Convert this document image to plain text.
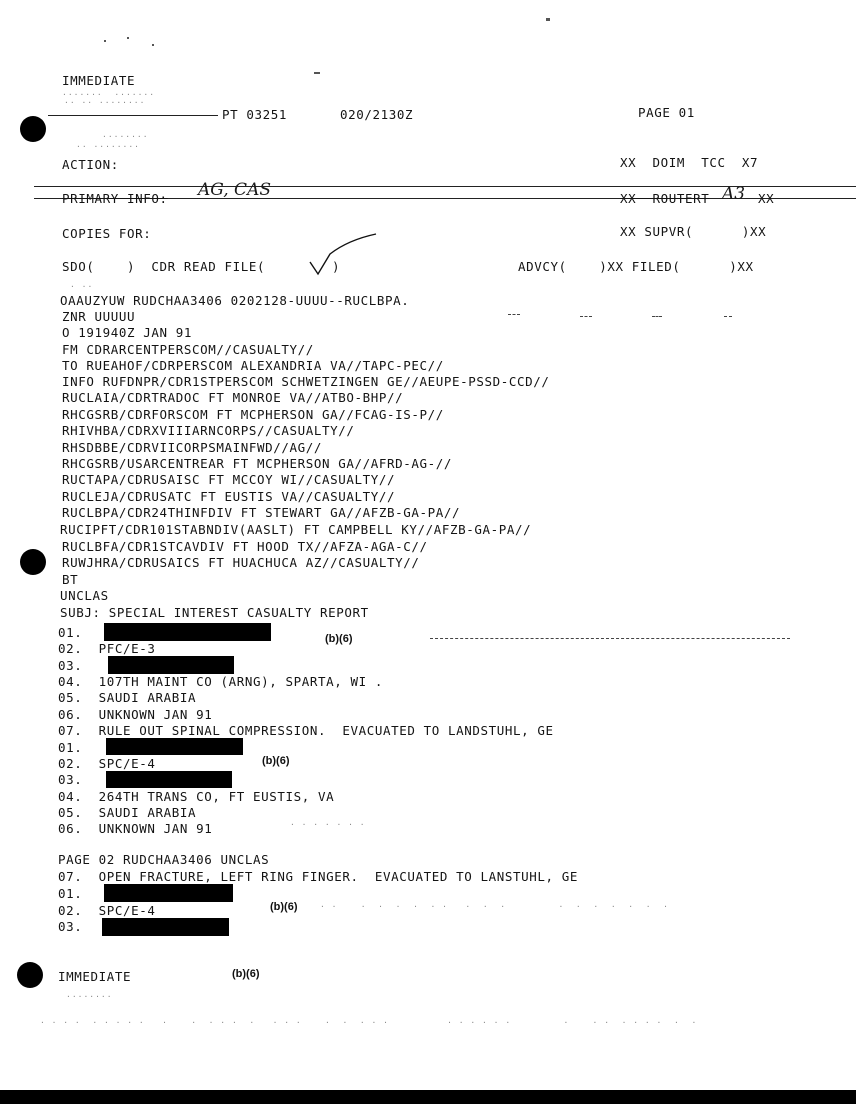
IMMEDIATE
.......  .......
.. .. ........
PT 03251	020/2130Z	PAGE 01
........
.. ........
ACTION:	XX  DOIM  TCC  X7
PRIMARY INFO: AG, CAS	XX  ROUTERT A3 XX
COPIES FOR:	XX SUPVR(      )XX
SDO(    )  CDR READ FILE(	)	ADVCY(    )XX FILED(      )XX
. ..
OAAUZYUW RUDCHAA3406 0202128-UUUU--RUCLBPA.
ZNR UUUUU
O 191940Z JAN 91
FM CDRARCENTPERSCOM//CASUALTY//
TO RUEAHOF/CDRPERSCOM ALEXANDRIA VA//TAPC-PEC//
INFO RUFDNPR/CDR1STPERSCOM SCHWETZINGEN GE//AEUPE-PSSD-CCD//
RUCLAIA/CDRTRADOC FT MONROE VA//ATBO-BHP//
RHCGSRB/CDRFORSCOM FT MCPHERSON GA//FCAG-IS-P//
RHIVHBA/CDRXVIIIARNCORPS//CASUALTY//
RHSDBBE/CDRVIICORPSMAINFWD//AG//
RHCGSRB/USARCENTREAR FT MCPHERSON GA//AFRD-AG-//
RUCTAPA/CDRUSAISC FT MCCOY WI//CASUALTY//
RUCLEJA/CDRUSATC FT EUSTIS VA//CASUALTY//
RUCLBPA/CDR24THINFDIV FT STEWART GA//AFZB-GA-PA//
RUCIPFT/CDR101STABNDIV(AASLT) FT CAMPBELL KY//AFZB-GA-PA//
RUCLBFA/CDR1STCAVDIV FT HOOD TX//AFZA-AGA-C//
RUWJHRA/CDRUSAICS FT HUACHUCA AZ//CASUALTY//
BT
UNCLAS
SUBJ: SPECIAL INTEREST CASUALTY REPORT
01.	(b)(6)
02.  PFC/E-3
03.
04.  107TH MAINT CO (ARNG), SPARTA, WI .
05.  SAUDI ARABIA
06.  UNKNOWN JAN 91
07.  RULE OUT SPINAL COMPRESSION.  EVACUATED TO LANDSTUHL, GE
01.
02.  SPC/E-4	(b)(6)
03.
04.  264TH TRANS CO, FT EUSTIS, VA
05.  SAUDI ARABIA
06.  UNKNOWN JAN 91	. . . . . . .
PAGE 02 RUDCHAA3406 UNCLAS
07.  OPEN FRACTURE, LEFT RING FINGER.  EVACUATED TO LANSTUHL, GE
01.
02.  SPC/E-4	(b)(6)	. .    .  .  .  .  . .   .  .  .         .  .  .  .  .  .  .
03.
IMMEDIATE	(b)(6)
........
. . . .  . . . . .   .    .  . . .  .   . . .    .  .  . . .          . . . . . .         .    . .  . . . .  .  .
